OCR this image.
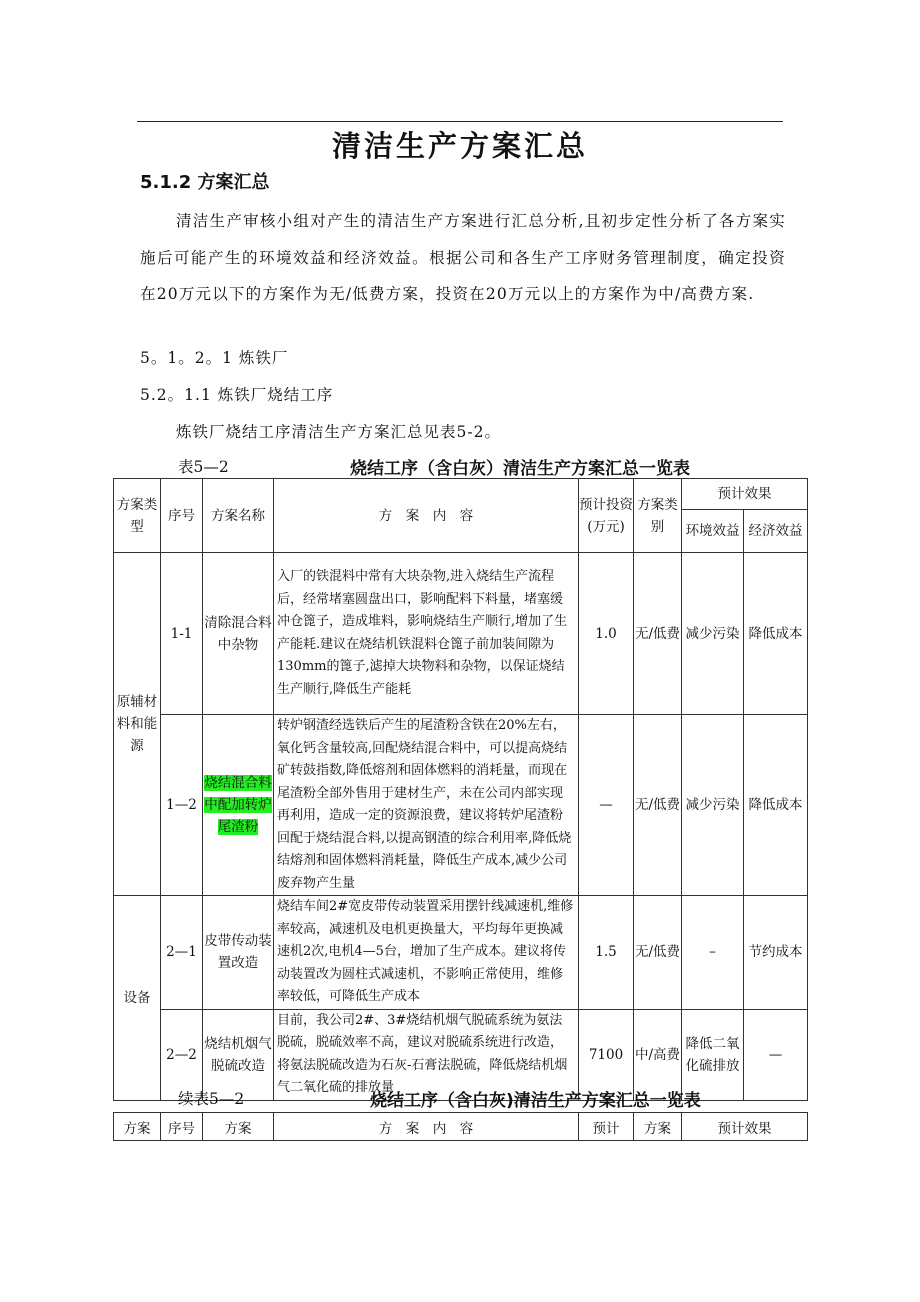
清洁生产方案汇总
5.1.2 方案汇总
清洁生产审核小组对产生的清洁生产方案进行汇总分析,且初步定性分析了各方案实施后可能产生的环境效益和经济效益。根据公司和各生产工序财务管理制度，确定投资在20万元以下的方案作为无/低费方案，投资在20万元以上的方案作为中/高费方案.
5。1。2。1 炼铁厂
5.2。1.1 炼铁厂烧结工序
炼铁厂烧结工序清洁生产方案汇总见表5-2。
表5—2	烧结工序（含白灰）清洁生产方案汇总一览表
方案类型	序号	方案名称	方　案　内　容	预计投资(万元)	方案类别	预计效果	
						环境效益	经济效益
原辅材料和能源	1-1	清除混合料中杂物	入厂的铁混料中常有大块杂物,进入烧结生产流程后，经常堵塞圆盘出口，影响配料下料量，堵塞缓冲仓篦子，造成堆料，影响烧结生产顺行,增加了生产能耗.建议在烧结机铁混料仓篦子前加装间隙为130mm的篦子,滤掉大块物料和杂物，以保证烧结生产顺行,降低生产能耗	1.0	无/低费	减少污染	降低成本
	1—2	烧结混合料中配加转炉尾渣粉	转炉钢渣经选铁后产生的尾渣粉含铁在20%左右，氧化钙含量较高,回配烧结混合料中，可以提高烧结矿转鼓指数,降低熔剂和固体燃料的消耗量，而现在尾渣粉全部外售用于建材生产，未在公司内部实现再利用，造成一定的资源浪费，建议将转炉尾渣粉回配于烧结混合料,以提高钢渣的综合利用率,降低烧结熔剂和固体燃料消耗量，降低生产成本,减少公司废弃物产生量	—	无/低费	减少污染	降低成本
设备	2—1	皮带传动装置改造	烧结车间2#宽皮带传动装置采用摆针线减速机,维修率较高，减速机及电机更换量大，平均每年更换减速机2次,电机4—5台，增加了生产成本。建议将传动装置改为圆柱式减速机，不影响正常使用，维修率较低，可降低生产成本	1.5	无/低费	–	节约成本
	2—2	烧结机烟气脱硫改造	目前，我公司2#、3#烧结机烟气脱硫系统为氨法脱硫，脱硫效率不高，建议对脱硫系统进行改造，将氨法脱硫改造为石灰-石膏法脱硫，降低烧结机烟气二氧化硫的排放量	7100	中/高费	降低二氧化硫排放	—
续表5—2	烧结工序（含白灰)清洁生产方案汇总一览表
方案	序号	方案	方　案　内　容	预计	方案	预计效果
